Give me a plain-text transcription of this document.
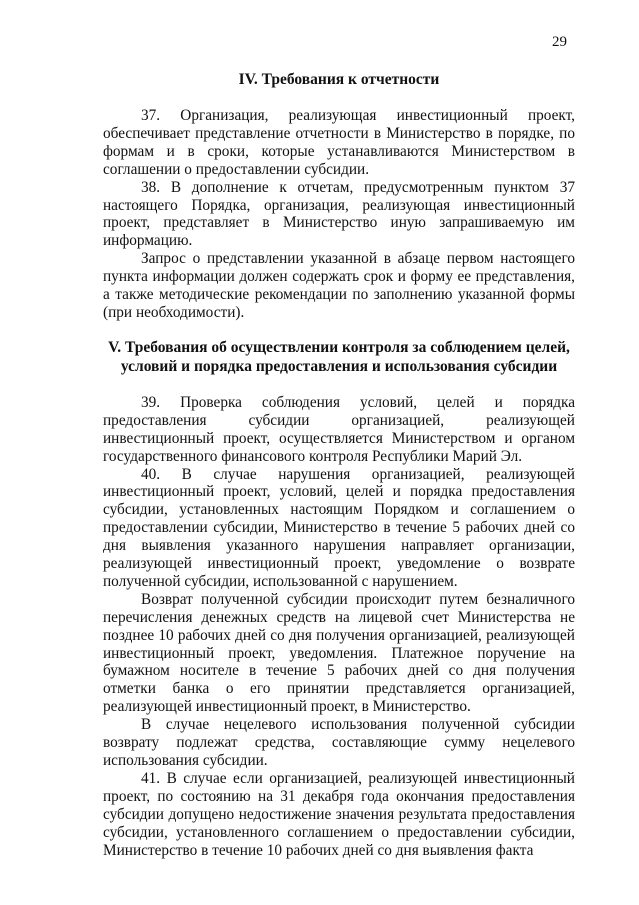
29
IV. Требования к отчетности

37. Организация, реализующая инвестиционный проект, обеспечивает представление отчетности в Министерство в порядке, по формам и в сроки, которые устанавливаются Министерством в соглашении о предоставлении субсидии.

38. В дополнение к отчетам, предусмотренным пунктом 37 настоящего Порядка, организация, реализующая инвестиционный проект, представляет в Министерство иную запрашиваемую им информацию.

Запрос о представлении указанной в абзаце первом настоящего пункта информации должен содержать срок и форму ее представления, а также методические рекомендации по заполнению указанной формы (при необходимости).

V. Требования об осуществлении контроля за соблюдением целей, условий и порядка предоставления и использования субсидии

39. Проверка соблюдения условий, целей и порядка предоставления субсидии организацией, реализующей инвестиционный проект, осуществляется Министерством и органом государственного финансового контроля Республики Марий Эл.

40. В случае нарушения организацией, реализующей инвестиционный проект, условий, целей и порядка предоставления субсидии, установленных настоящим Порядком и соглашением о предоставлении субсидии, Министерство в течение 5 рабочих дней со дня выявления указанного нарушения направляет организации, реализующей инвестиционный проект, уведомление о возврате полученной субсидии, использованной с нарушением.

Возврат полученной субсидии происходит путем безналичного перечисления денежных средств на лицевой счет Министерства не позднее 10 рабочих дней со дня получения организацией, реализующей инвестиционный проект, уведомления. Платежное поручение на бумажном носителе в течение 5 рабочих дней со дня получения отметки банка о его принятии представляется организацией, реализующей инвестиционный проект, в Министерство.

В случае нецелевого использования полученной субсидии возврату подлежат средства, составляющие сумму нецелевого использования субсидии.

41. В случае если организацией, реализующей инвестиционный проект, по состоянию на 31 декабря года окончания предоставления субсидии допущено недостижение значения результата предоставления субсидии, установленного соглашением о предоставлении субсидии, Министерство в течение 10 рабочих дней со дня выявления факта
